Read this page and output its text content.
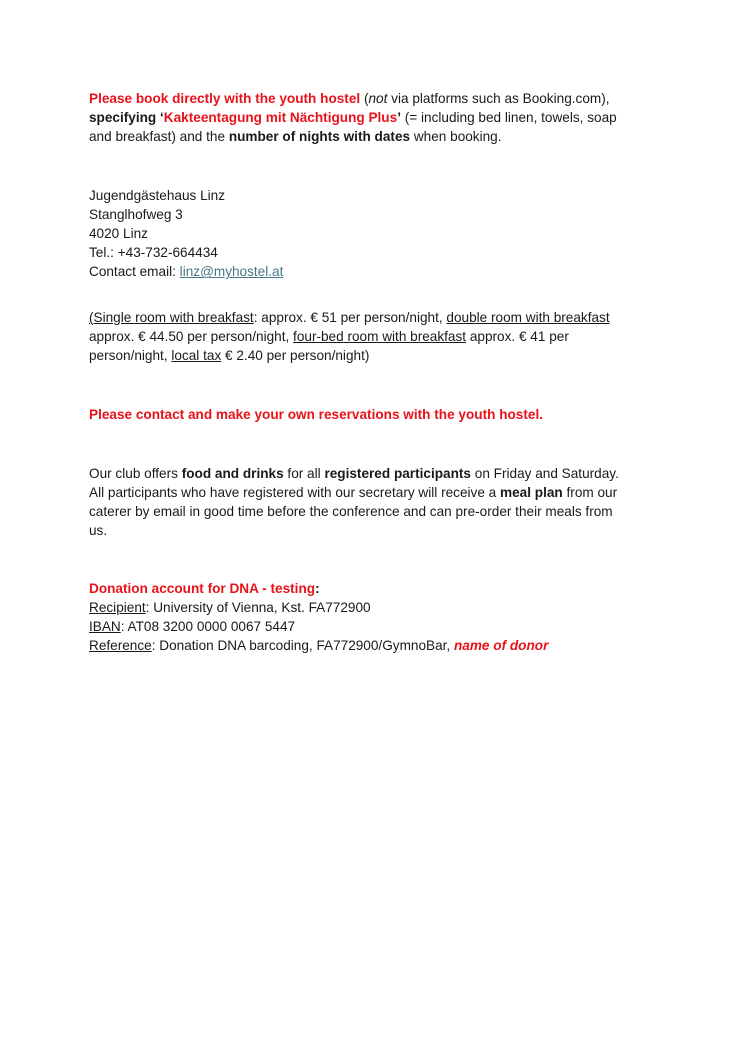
Please book directly with the youth hostel (not via platforms such as Booking.com),
specifying ‘Kakteentagung mit Nächtigung Plus’ (= including bed linen, towels, soap
and breakfast) and the number of nights with dates when booking.
Jugendgästehaus Linz
Stanglhofweg 3
4020 Linz
Tel.: +43-732-664434
Contact email: linz@myhostel.at
(Single room with breakfast: approx. € 51 per person/night, double room with breakfast
approx. € 44.50 per person/night, four-bed room with breakfast approx. € 41 per
person/night, local tax € 2.40 per person/night)
Please contact and make your own reservations with the youth hostel.
Our club offers food and drinks for all registered participants on Friday and Saturday.
All participants who have registered with our secretary will receive a meal plan from our
caterer by email in good time before the conference and can pre-order their meals from
us.
Donation account for DNA - testing:
Recipient: University of Vienna, Kst. FA772900
IBAN: AT08 3200 0000 0067 5447
Reference: Donation DNA barcoding, FA772900/GymnoBar, name of donor
